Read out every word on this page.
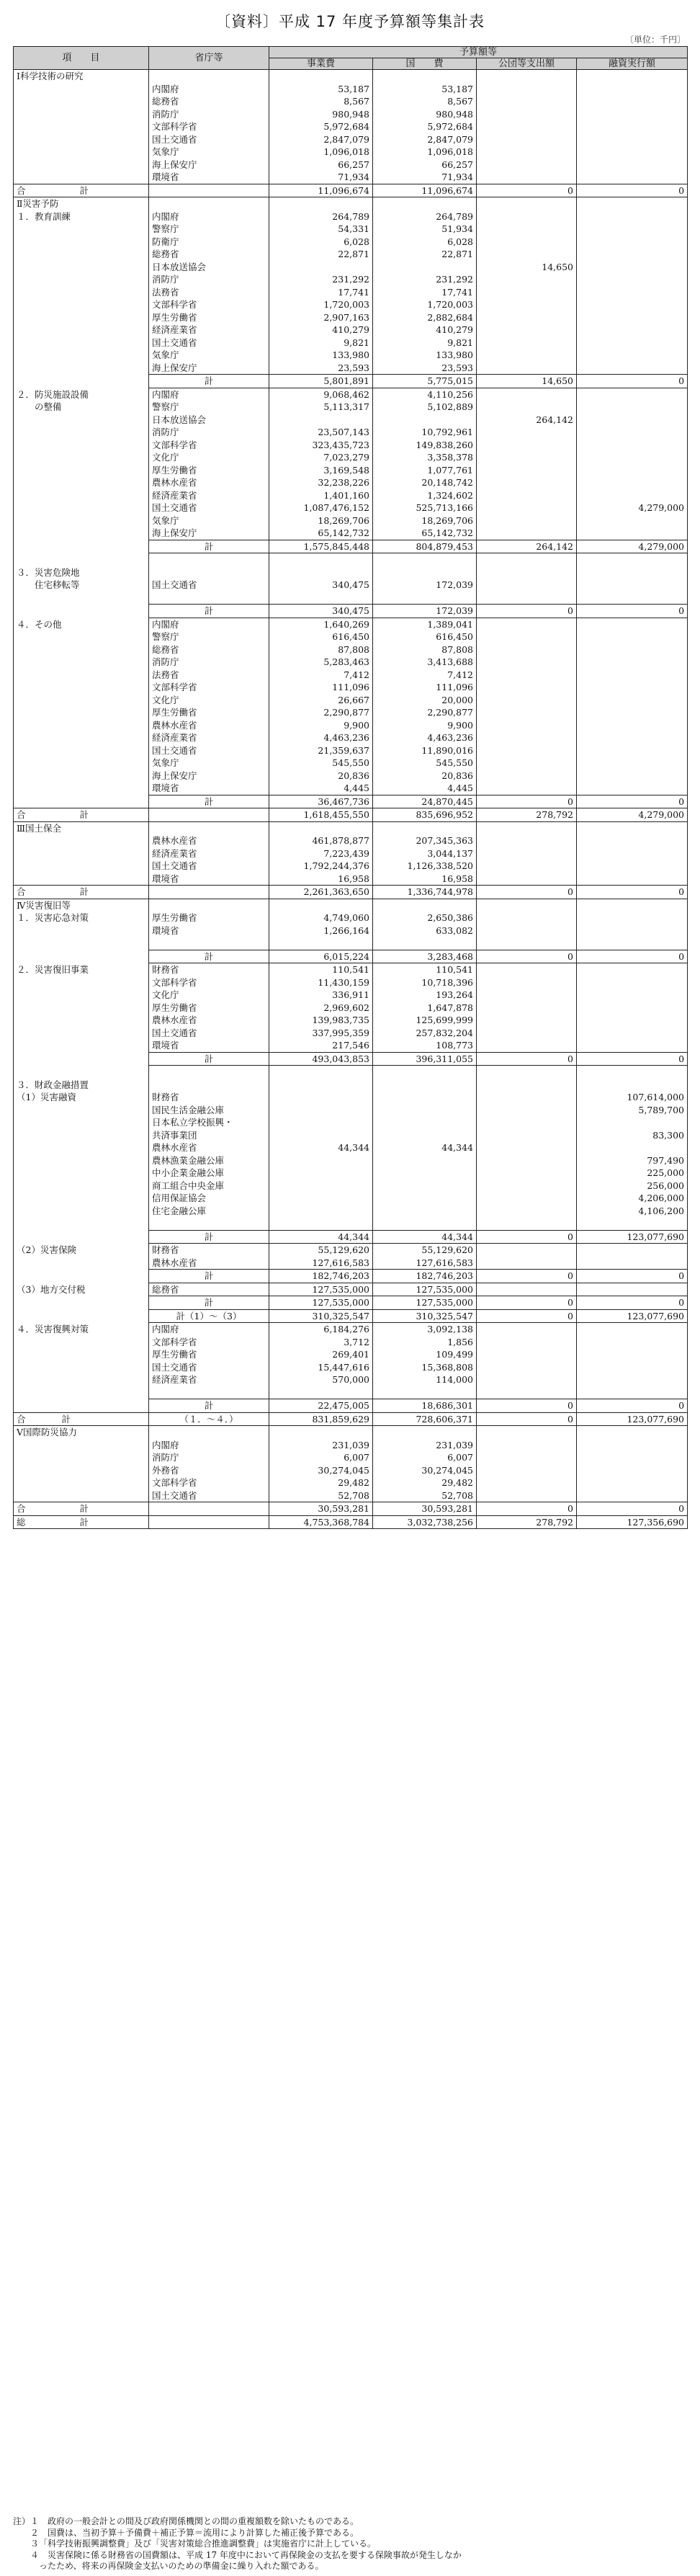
〔資料〕平成 17 年度予算額等集計表
〔単位：千円〕
項　　目	省庁等	予算額等			
		事業費	国　　費	公団等支出額	融資実行額
Ⅰ科学技術の研究					
	内閣府	53,187	53,187		
	総務省	8,567	8,567		
	消防庁	980,948	980,948		
	文部科学省	5,972,684	5,972,684		
	国土交通省	2,847,079	2,847,079		
	気象庁	1,096,018	1,096,018		
	海上保安庁	66,257	66,257		
	環境省	71,934	71,934		
合　　　　　　計		11,096,674	11,096,674	0	0
Ⅱ災害予防					
１．教育訓練	内閣府	264,789	264,789		
	警察庁	54,331	51,934		
	防衛庁	6,028	6,028		
	総務省	22,871	22,871		
	日本放送協会			14,650	
	消防庁	231,292	231,292		
	法務省	17,741	17,741		
	文部科学省	1,720,003	1,720,003		
	厚生労働省	2,907,163	2,882,684		
	経済産業省	410,279	410,279		
	国土交通省	9,821	9,821		
	気象庁	133,980	133,980		
	海上保安庁	23,593	23,593		
	計	5,801,891	5,775,015	14,650	0
２．防災施設設備	内閣府	9,068,462	4,110,256		
　　の整備	警察庁	5,113,317	5,102,889		
	日本放送協会			264,142	
	消防庁	23,507,143	10,792,961		
	文部科学省	323,435,723	149,838,260		
	文化庁	7,023,279	3,358,378		
	厚生労働省	3,169,548	1,077,761		
	農林水産省	32,238,226	20,148,742		
	経済産業省	1,401,160	1,324,602		
	国土交通省	1,087,476,152	525,713,166		4,279,000
	気象庁	18,269,706	18,269,706		
	海上保安庁	65,142,732	65,142,732		
	計	1,575,845,448	804,879,453	264,142	4,279,000

３．災害危険地					
　　住宅移転等	国土交通省	340,475	172,039		

	計	340,475	172,039	0	0
４．その他	内閣府	1,640,269	1,389,041		
	警察庁	616,450	616,450		
	総務省	87,808	87,808		
	消防庁	5,283,463	3,413,688		
	法務省	7,412	7,412		
	文部科学省	111,096	111,096		
	文化庁	26,667	20,000		
	厚生労働省	2,290,877	2,290,877		
	農林水産省	9,900	9,900		
	経済産業省	4,463,236	4,463,236		
	国土交通省	21,359,637	11,890,016		
	気象庁	545,550	545,550		
	海上保安庁	20,836	20,836		
	環境省	4,445	4,445		
	計	36,467,736	24,870,445	0	0
合　　　　　　計		1,618,455,550	835,696,952	278,792	4,279,000
Ⅲ国土保全					
	農林水産省	461,878,877	207,345,363		
	経済産業省	7,223,439	3,044,137		
	国土交通省	1,792,244,376	1,126,338,520		
	環境省	16,958	16,958		
合　　　　　　計		2,261,363,650	1,336,744,978	0	0
Ⅳ災害復旧等					
１．災害応急対策	厚生労働省	4,749,060	2,650,386		
	環境省	1,266,164	633,082		

	計	6,015,224	3,283,468	0	0
２．災害復旧事業	財務省	110,541	110,541		
	文部科学省	11,430,159	10,718,396		
	文化庁	336,911	193,264		
	厚生労働省	2,969,602	1,647,878		
	農林水産省	139,983,735	125,699,999		
	国土交通省	337,995,359	257,832,204		
	環境省	217,546	108,773		
	計	493,043,853	396,311,055	0	0

３．財政金融措置					
（1）災害融資	財務省				107,614,000
	国民生活金融公庫				5,789,700
	日本私立学校振興・				
	共済事業団				83,300
	農林水産省	44,344	44,344		
	農林漁業金融公庫				797,490
	中小企業金融公庫				225,000
	商工組合中央金庫				256,000
	信用保証協会				4,206,000
	住宅金融公庫				4,106,200

	計	44,344	44,344	0	123,077,690
（2）災害保険	財務省	55,129,620	55,129,620		
	農林水産省	127,616,583	127,616,583		
	計	182,746,203	182,746,203	0	0
（3）地方交付税	総務省	127,535,000	127,535,000		
	計	127,535,000	127,535,000	0	0
	計（1）～（3）	310,325,547	310,325,547	0	123,077,690
４．災害復興対策	内閣府	6,184,276	3,092,138		
	文部科学省	3,712	1,856		
	厚生労働省	269,401	109,499		
	国土交通省	15,447,616	15,368,808		
	経済産業省	570,000	114,000		

	計	22,475,005	18,686,301	0	0
合　　　　計	（１．～４．）	831,859,629	728,606,371	0	123,077,690
Ⅴ国際防災協力					
	内閣府	231,039	231,039		
	消防庁	6,007	6,007		
	外務省	30,274,045	30,274,045		
	文部科学省	29,482	29,482		
	国土交通省	52,708	52,708		
合　　　　　　計		30,593,281	30,593,281	0	0
総　　　　　　計		4,753,368,784	3,032,738,256	278,792	127,356,690

注）１　政府の一般会計との間及び政府関係機関との間の重複額数を除いたものである。

　　２　国費は、当初予算＋予備費＋補正予算＝流用により計算した補正後予算である。

　　３「科学技術振興調整費」及び「災害対策総合推進調整費」は実施省庁に計上している。

　　４　災害保険に係る財務省の国費額は、平成 17 年度中において再保険金の支払を要する保険事故が発生しなか

　　　ったため、将来の再保険金支払いのための準備金に繰り入れた額である。
